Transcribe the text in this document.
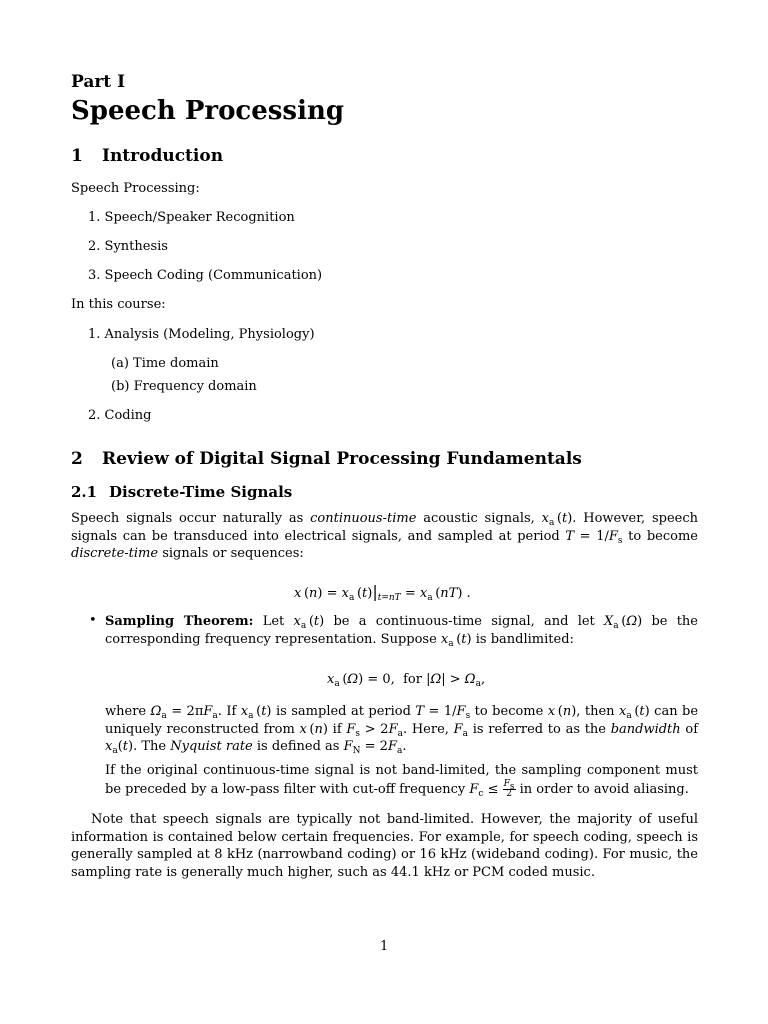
Part I
Speech Processing
1 Introduction
Speech Processing:
1. Speech/Speaker Recognition
2. Synthesis
3. Speech Coding (Communication)
In this course:
1. Analysis (Modeling, Physiology)
(a) Time domain
(b) Frequency domain
2. Coding
2 Review of Digital Signal Processing Fundamentals
2.1 Discrete-Time Signals
Speech signals occur naturally as continuous-time acoustic signals, $x_a$ (t). However, speech signals can be transduced into electrical signals, and sampled at period $T = 1/F_s$ to become discrete-time signals or sequences:
x $(n) = x_a$ $(t)|_{t=nT} = x_a$ (nT) .
• Sampling Theorem: Let $x_a$ (t) be a continuous-time signal, and let $X_a$ (Ω) be the corresponding frequency representation. Suppose $x_a$ (t) is bandlimited:
$x_a$ (Ω) = 0,  for $|\Omega| > \Omega_a$,
where $\Omega_a = 2\pi F_a$. If $x_a$ (t) is sampled at period $T = 1/F_s$ to become x (n), then $x_a$ (t) can be uniquely reconstructed from x (n) if $F_s > 2F_a$. Here, $F_a$ is referred to as the bandwidth of $x_a(t)$. The Nyquist rate is defined as $F_N = 2F_a$.
If the original continuous-time signal is not band-limited, the sampling component must be preceded by a low-pass filter with cut-off frequency $F_c \le \frac{F_s}{2}$ in order to avoid aliasing.
Note that speech signals are typically not band-limited. However, the majority of useful information is contained below certain frequencies. For example, for speech coding, speech is generally sampled at 8 kHz (narrowband coding) or 16 kHz (wideband coding). For music, the sampling rate is generally much higher, such as 44.1 kHz or PCM coded music.
1
